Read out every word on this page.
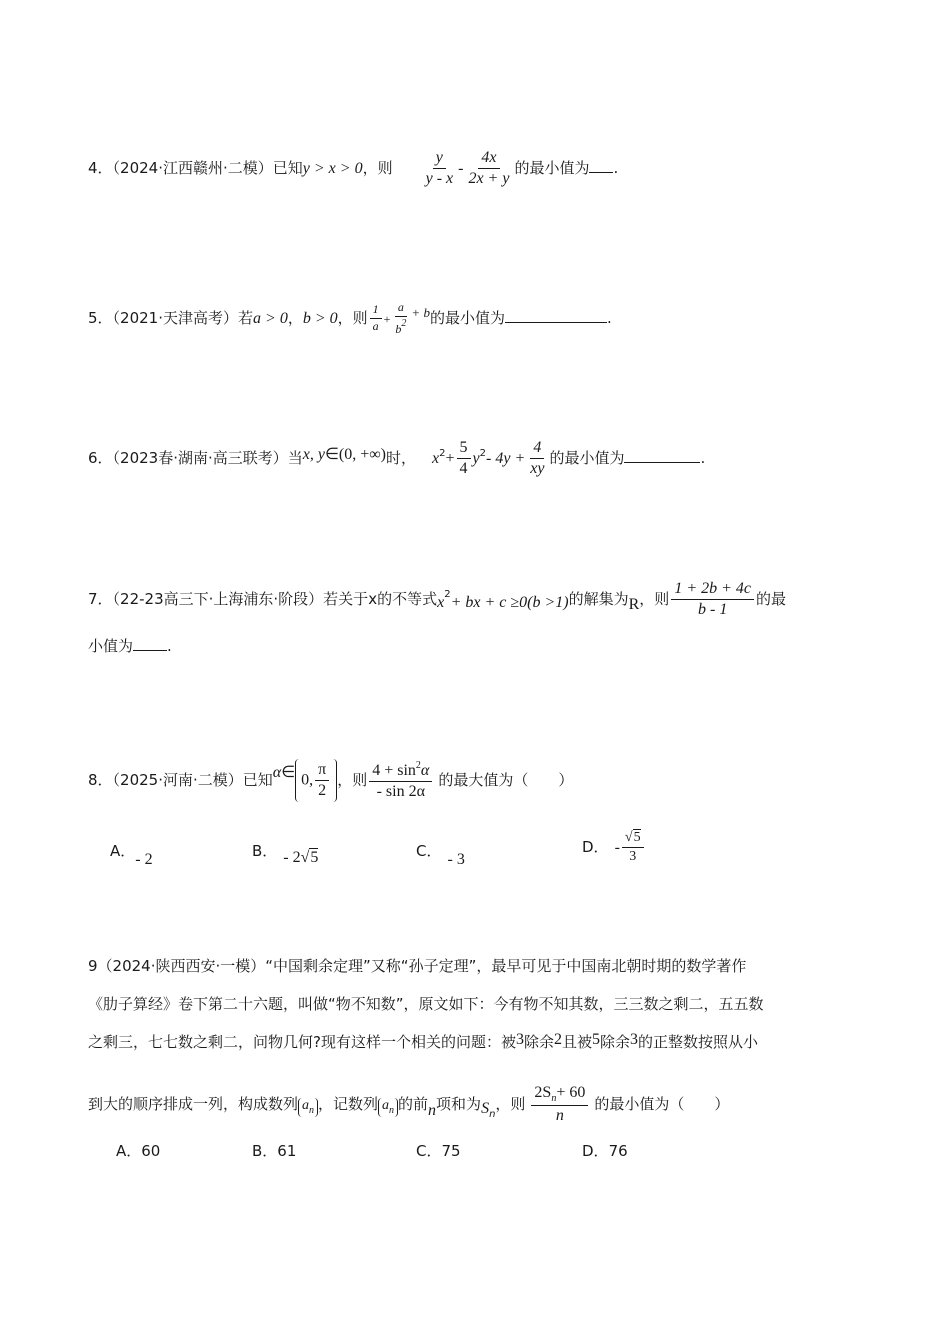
4．（2024·江西赣州·二模）已知y > x > 0，则 $\frac{y}{y - x} - \frac{4x}{2x + y}$ 的最小值为 .
5．（2021·天津高考）若a > 0，b > 0，则 $\frac{1}{a} + \frac{a}{b^2} + b$的最小值为	.
6．（2023春·湖南·高三联考）当x, y∈(0, +∞)时， $x^2+ \frac{5}{4} y^2-$ $4y + \frac{4}{xy}$ 的最小值为	.
7．（22-23高三下·上海浦东·阶段）若关于x的不等式$x^2+$ bx + c ≥0(b >1)的解集为R，则 $\frac{1 + 2b + 4c}{b - 1}$ 的最
小值为 .
8．（2025·河南·二模）已知α∈ 0, $\frac{\pi}{2}$ ，则 $\frac{4 + \sin^2\alpha}{- \sin 2\alpha}$ 的最大值为（　　）
A．- 2	B． - 2√5	C． - 3
D． - $\frac{√5}{3}$
9（2024·陕西西安·一模）“中国剩余定理”又称“孙子定理”，最早可见于中国南北朝时期的数学著作
《肋子算经》卷下第二十六题，叫做“物不知数”，原文如下：今有物不知其数，三三数之剩二，五五数
之剩三，七七数之剩二，问物几何?现有这样一个相关的问题：被3除余2且被5除余3的正整数按照从小
到大的顺序排成一列，构成数列 $a_n$ ，记数列 $a_n$ 的前n项和为$S_n$，则 $\frac{2S_n+ 60}{n}$ 的最小值为（　　）
A．60	B．61	C．75	D．76
